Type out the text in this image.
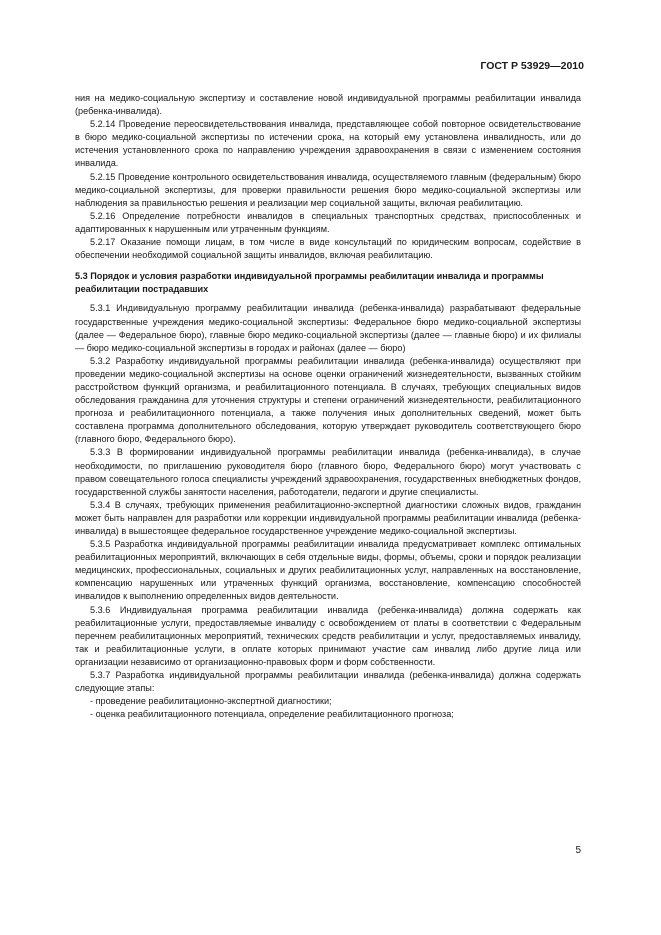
ГОСТ Р 53929—2010

ния на медико-социальную экспертизу и составление новой индивидуальной программы реабилитации инвалида (ребенка-инвалида).

5.2.14 Проведение переосвидетельствования инвалида, представляющее собой повторное освидетельствование в бюро медико-социальной экспертизы по истечении срока, на который ему установлена инвалидность, или до истечения установленного срока по направлению учреждения здравоохранения в связи с изменением состояния инвалида.

5.2.15 Проведение контрольного освидетельствования инвалида, осуществляемого главным (федеральным) бюро медико-социальной экспертизы, для проверки правильности решения бюро медико-социальной экспертизы или наблюдения за правильностью решения и реализации мер социальной защиты, включая реабилитацию.

5.2.16 Определение потребности инвалидов в специальных транспортных средствах, приспособленных и адаптированных к нарушенным или утраченным функциям.

5.2.17 Оказание помощи лицам, в том числе в виде консультаций по юридическим вопросам, содействие в обеспечении необходимой социальной защиты инвалидов, включая реабилитацию.

5.3 Порядок и условия разработки индивидуальной программы реабилитации инвалида и программы реабилитации пострадавших

5.3.1 Индивидуальную программу реабилитации инвалида (ребенка-инвалида) разрабатывают федеральные государственные учреждения медико-социальной экспертизы: Федеральное бюро медико-социальной экспертизы (далее — Федеральное бюро), главные бюро медико-социальной экспертизы (далее — главные бюро) и их филиалы — бюро медико-социальной экспертизы в городах и районах (далее — бюро)

5.3.2 Разработку индивидуальной программы реабилитации инвалида (ребенка-инвалида) осуществляют при проведении медико-социальной экспертизы на основе оценки ограничений жизнедеятельности, вызванных стойким расстройством функций организма, и реабилитационного потенциала. В случаях, требующих специальных видов обследования гражданина для уточнения структуры и степени ограничений жизнедеятельности, реабилитационного прогноза и реабилитационного потенциала, а также получения иных дополнительных сведений, может быть составлена программа дополнительного обследования, которую утверждает руководитель соответствующего бюро (главного бюро, Федерального бюро).

5.3.3 В формировании индивидуальной программы реабилитации инвалида (ребенка-инвалида), в случае необходимости, по приглашению руководителя бюро (главного бюро, Федерального бюро) могут участвовать с правом совещательного голоса специалисты учреждений здравоохранения, государственных внебюджетных фондов, государственной службы занятости населения, работодатели, педагоги и другие специалисты.

5.3.4 В случаях, требующих применения реабилитационно-экспертной диагностики сложных видов, гражданин может быть направлен для разработки или коррекции индивидуальной программы реабилитации инвалида (ребенка-инвалида) в вышестоящее федеральное государственное учреждение медико-социальной экспертизы.

5.3.5 Разработка индивидуальной программы реабилитации инвалида предусматривает комплекс оптимальных реабилитационных мероприятий, включающих в себя отдельные виды, формы, объемы, сроки и порядок реализации медицинских, профессиональных, социальных и других реабилитационных услуг, направленных на восстановление, компенсацию нарушенных или утраченных функций организма, восстановление, компенсацию способностей инвалидов к выполнению определенных видов деятельности.

5.3.6 Индивидуальная программа реабилитации инвалида (ребенка-инвалида) должна содержать как реабилитационные услуги, предоставляемые инвалиду с освобождением от платы в соответствии с Федеральным перечнем реабилитационных мероприятий, технических средств реабилитации и услуг, предоставляемых инвалиду, так и реабилитационные услуги, в оплате которых принимают участие сам инвалид либо другие лица или организации независимо от организационно-правовых форм и форм собственности.

5.3.7 Разработка индивидуальной программы реабилитации инвалида (ребенка-инвалида) должна содержать следующие этапы:

- проведение реабилитационно-экспертной диагностики;

- оценка реабилитационного потенциала, определение реабилитационного прогноза;

5
